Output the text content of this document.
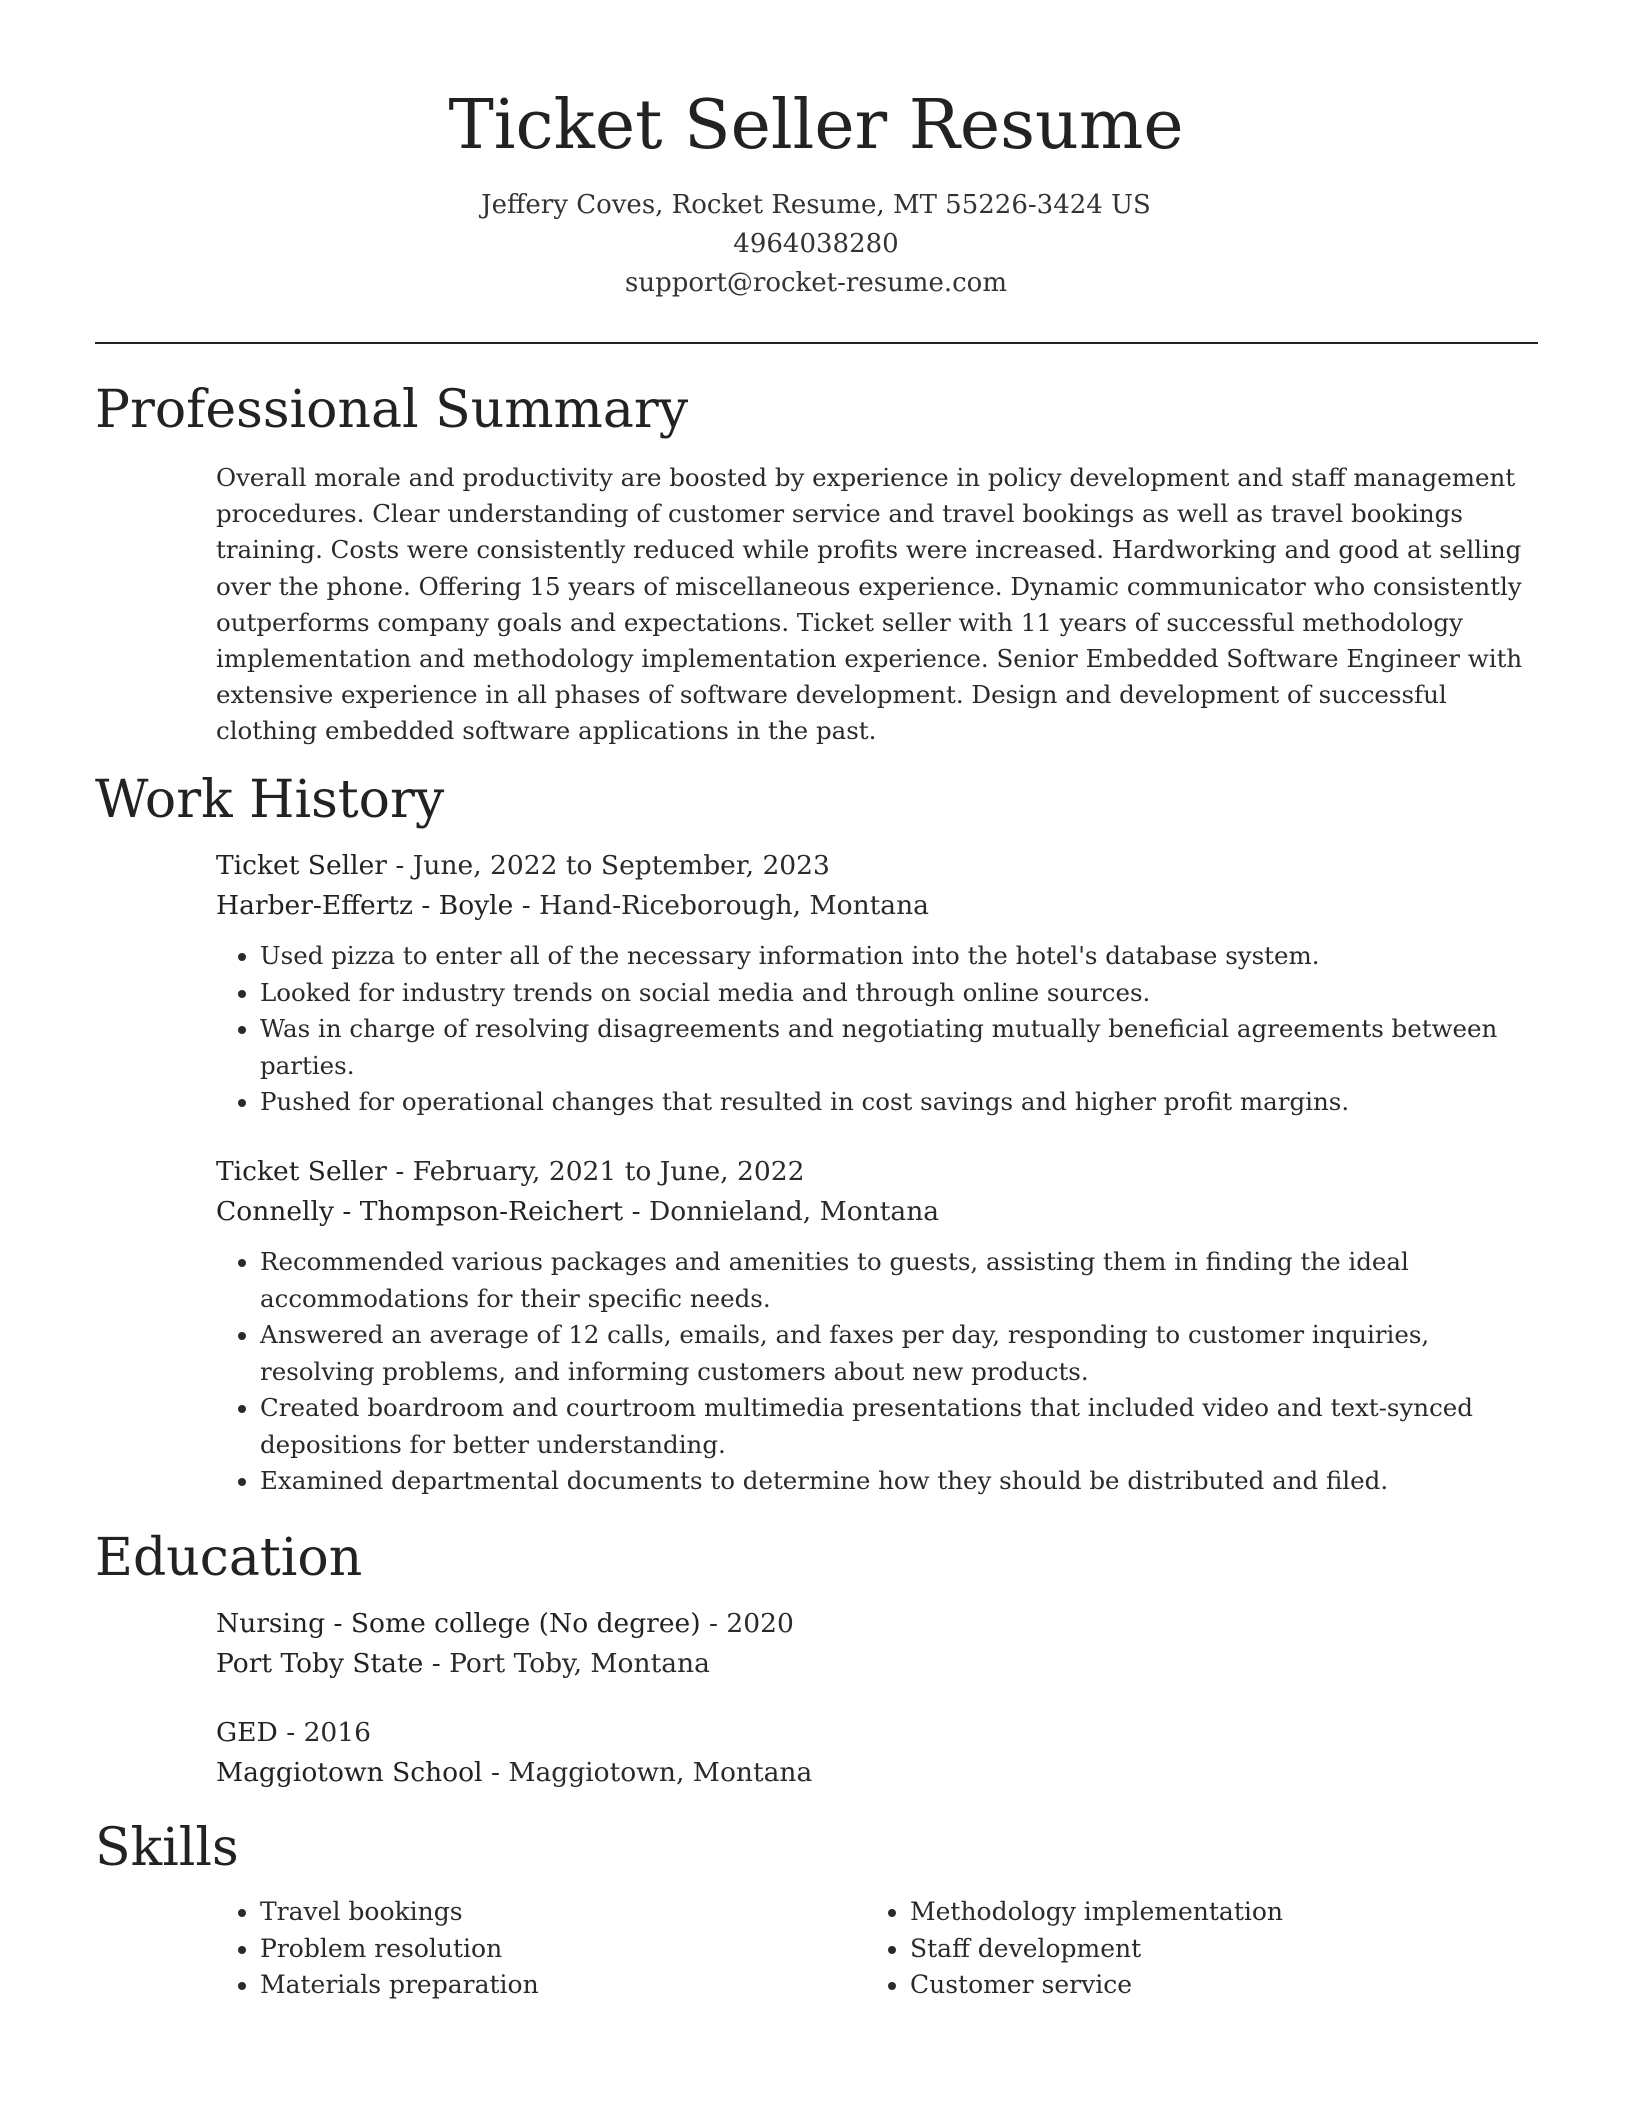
Ticket Seller Resume
Jeffery Coves, Rocket Resume, MT 55226-3424 US
4964038280
support@rocket-resume.com
Professional Summary

Overall morale and productivity are boosted by experience in policy development and staff management procedures. Clear understanding of customer service and travel bookings as well as travel bookings training. Costs were consistently reduced while profits were increased. Hardworking and good at selling over the phone. Offering 15 years of miscellaneous experience. Dynamic communicator who consistently outperforms company goals and expectations. Ticket seller with 11 years of successful methodology implementation and methodology implementation experience. Senior Embedded Software Engineer with extensive experience in all phases of software development. Design and development of successful clothing embedded software applications in the past.

Work History

Ticket Seller - June, 2022 to September, 2023

Harber-Effertz - Boyle - Hand-Riceborough, Montana

• Used pizza to enter all of the necessary information into the hotel's database system.
• Looked for industry trends on social media and through online sources.
• Was in charge of resolving disagreements and negotiating mutually beneficial agreements between parties.
• Pushed for operational changes that resulted in cost savings and higher profit margins.

Ticket Seller - February, 2021 to June, 2022

Connelly - Thompson-Reichert - Donnieland, Montana

• Recommended various packages and amenities to guests, assisting them in finding the ideal accommodations for their specific needs.
• Answered an average of 12 calls, emails, and faxes per day, responding to customer inquiries, resolving problems, and informing customers about new products.
• Created boardroom and courtroom multimedia presentations that included video and text-synced depositions for better understanding.
• Examined departmental documents to determine how they should be distributed and filed.
Education

Nursing - Some college (No degree) - 2020

Port Toby State - Port Toby, Montana

GED - 2016

Maggiotown School - Maggiotown, Montana

Skills
• Travel bookings
• Problem resolution
• Materials preparation
• Methodology implementation
• Staff development
• Customer service
